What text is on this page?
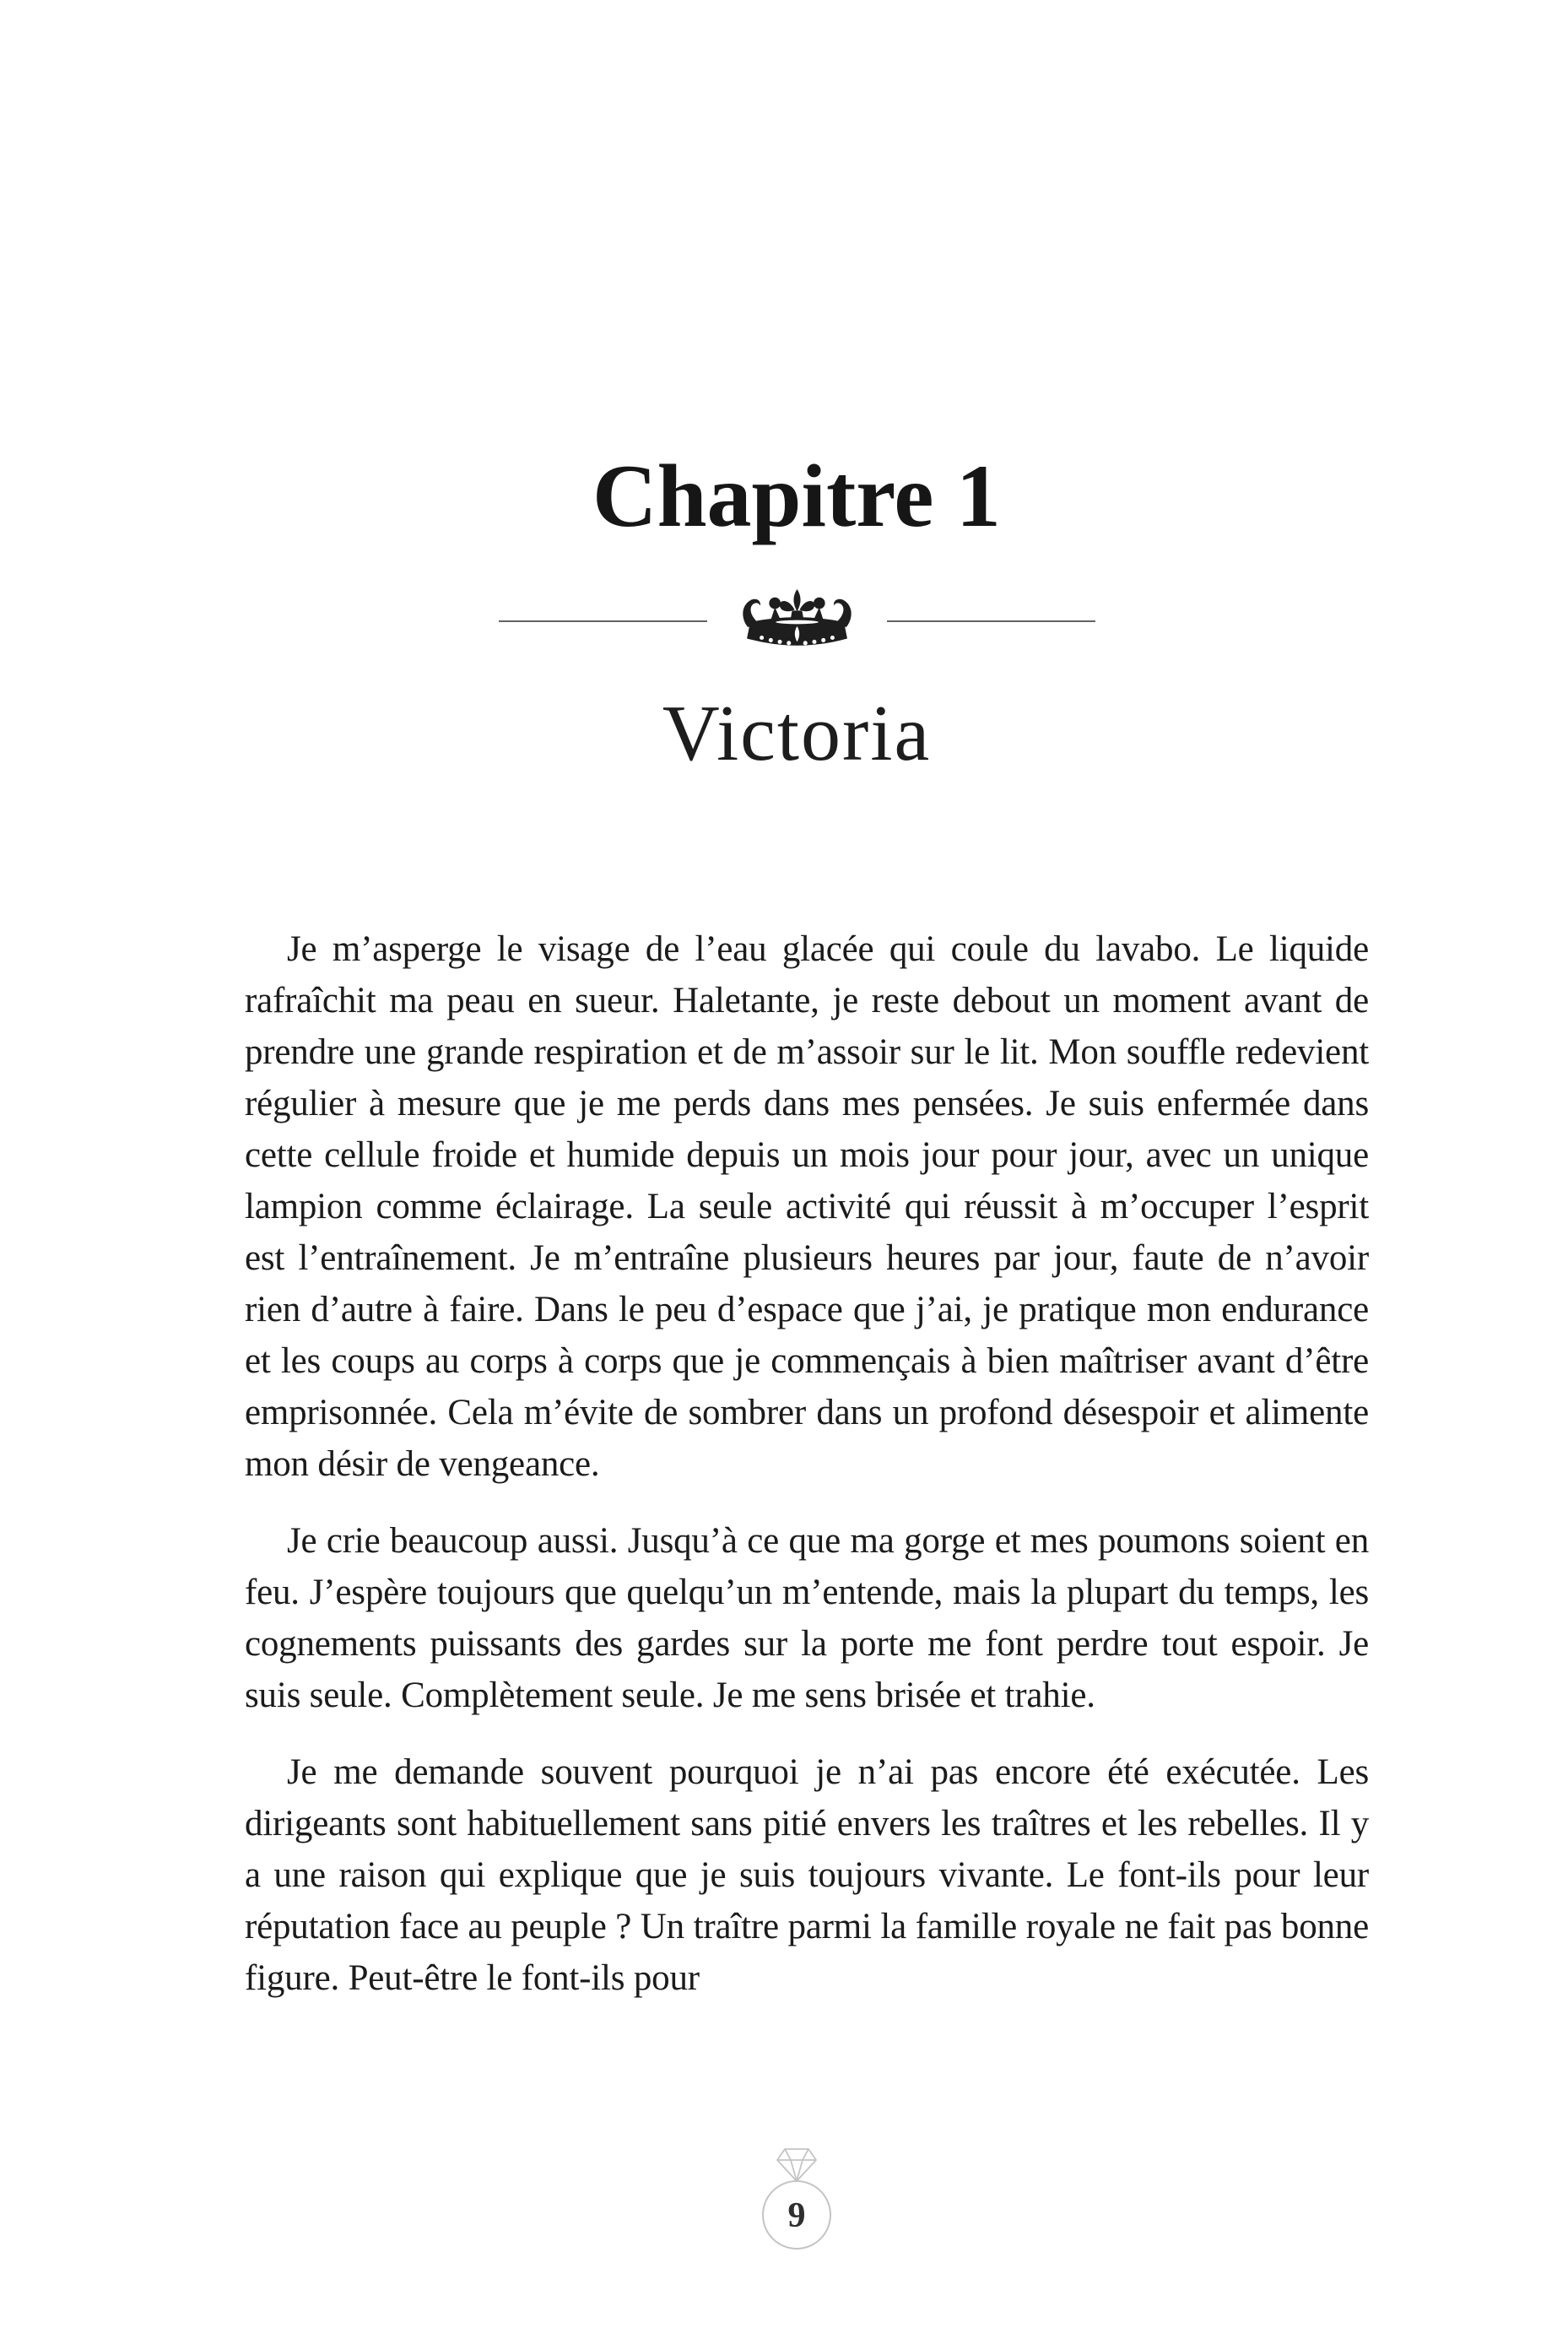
Chapitre 1
Victoria

Je m’asperge le visage de l’eau glacée qui coule du lavabo. Le liquide rafraîchit ma peau en sueur. Haletante, je reste debout un moment avant de prendre une grande respiration et de m’assoir sur le lit. Mon souffle redevient régulier à mesure que je me perds dans mes pensées. Je suis enfermée dans cette cellule froide et humide depuis un mois jour pour jour, avec un unique lampion comme éclairage. La seule activité qui réussit à m’occuper l’esprit est l’entraînement. Je m’entraîne plusieurs heures par jour, faute de n’avoir rien d’autre à faire. Dans le peu d’espace que j’ai, je pratique mon endurance et les coups au corps à corps que je commençais à bien maîtriser avant d’être emprisonnée. Cela m’évite de sombrer dans un profond désespoir et alimente mon désir de vengeance.

Je crie beaucoup aussi. Jusqu’à ce que ma gorge et mes poumons soient en feu. J’espère toujours que quelqu’un m’entende, mais la plupart du temps, les cognements puissants des gardes sur la porte me font perdre tout espoir. Je suis seule. Complètement seule. Je me sens brisée et trahie.

Je me demande souvent pourquoi je n’ai pas encore été exécutée. Les dirigeants sont habituellement sans pitié envers les traîtres et les rebelles. Il y a une raison qui explique que je suis toujours vivante. Le font-ils pour leur réputation face au peuple ? Un traître parmi la famille royale ne fait pas bonne figure. Peut-être le font-ils pour

9
